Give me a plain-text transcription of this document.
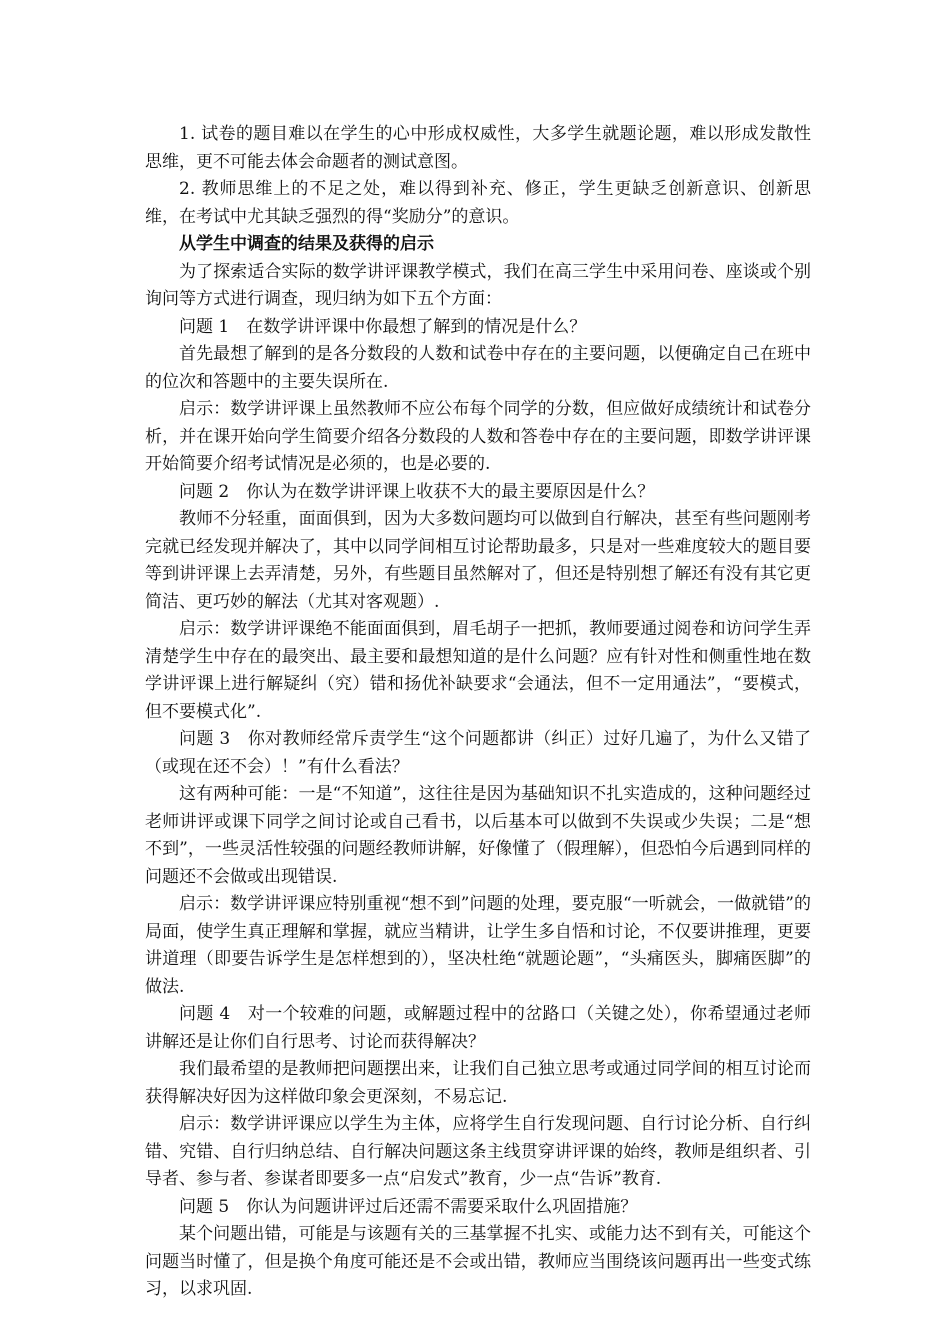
1. 试卷的题目难以在学生的心中形成权威性，大多学生就题论题，难以形成发散性思维，更不可能去体会命题者的测试意图。

2. 教师思维上的不足之处，难以得到补充、修正，学生更缺乏创新意识、创新思维，在考试中尤其缺乏强烈的得“奖励分”的意识。

从学生中调查的结果及获得的启示

为了探索适合实际的数学讲评课教学模式，我们在高三学生中采用问卷、座谈或个别询问等方式进行调查，现归纳为如下五个方面：

问题 1　在数学讲评课中你最想了解到的情况是什么？

首先最想了解到的是各分数段的人数和试卷中存在的主要问题，以便确定自己在班中的位次和答题中的主要失误所在.

启示：数学讲评课上虽然教师不应公布每个同学的分数，但应做好成绩统计和试卷分析，并在课开始向学生简要介绍各分数段的人数和答卷中存在的主要问题，即数学讲评课开始简要介绍考试情况是必须的，也是必要的.

问题 2　你认为在数学讲评课上收获不大的最主要原因是什么？

教师不分轻重，面面俱到，因为大多数问题均可以做到自行解决，甚至有些问题刚考完就已经发现并解决了，其中以同学间相互讨论帮助最多，只是对一些难度较大的题目要等到讲评课上去弄清楚，另外，有些题目虽然解对了，但还是特别想了解还有没有其它更简洁、更巧妙的解法（尤其对客观题）.

启示：数学讲评课绝不能面面俱到，眉毛胡子一把抓，教师要通过阅卷和访问学生弄清楚学生中存在的最突出、最主要和最想知道的是什么问题？应有针对性和侧重性地在数学讲评课上进行解疑纠（究）错和扬优补缺要求“会通法，但不一定用通法”，“要模式，但不要模式化”.

问题 3　你对教师经常斥责学生“这个问题都讲（纠正）过好几遍了，为什么又错了（或现在还不会）！”有什么看法？

这有两种可能：一是“不知道”，这往往是因为基础知识不扎实造成的，这种问题经过老师讲评或课下同学之间讨论或自己看书，以后基本可以做到不失误或少失误；二是“想不到”，一些灵活性较强的问题经教师讲解，好像懂了（假理解），但恐怕今后遇到同样的问题还不会做或出现错误.

启示：数学讲评课应特别重视“想不到”问题的处理，要克服“一听就会，一做就错”的局面，使学生真正理解和掌握，就应当精讲，让学生多自悟和讨论，不仅要讲推理，更要讲道理（即要告诉学生是怎样想到的），坚决杜绝“就题论题”，“头痛医头，脚痛医脚”的做法.

问题 4　对一个较难的问题，或解题过程中的岔路口（关键之处），你希望通过老师讲解还是让你们自行思考、讨论而获得解决？

我们最希望的是教师把问题摆出来，让我们自己独立思考或通过同学间的相互讨论而获得解决好因为这样做印象会更深刻，不易忘记.

启示：数学讲评课应以学生为主体，应将学生自行发现问题、自行讨论分析、自行纠错、究错、自行归纳总结、自行解决问题这条主线贯穿讲评课的始终，教师是组织者、引导者、参与者、参谋者即要多一点“启发式”教育，少一点“告诉”教育.

问题 5　你认为问题讲评过后还需不需要采取什么巩固措施？

某个问题出错，可能是与该题有关的三基掌握不扎实、或能力达不到有关，可能这个问题当时懂了，但是换个角度可能还是不会或出错，教师应当围绕该问题再出一些变式练习，以求巩固.
